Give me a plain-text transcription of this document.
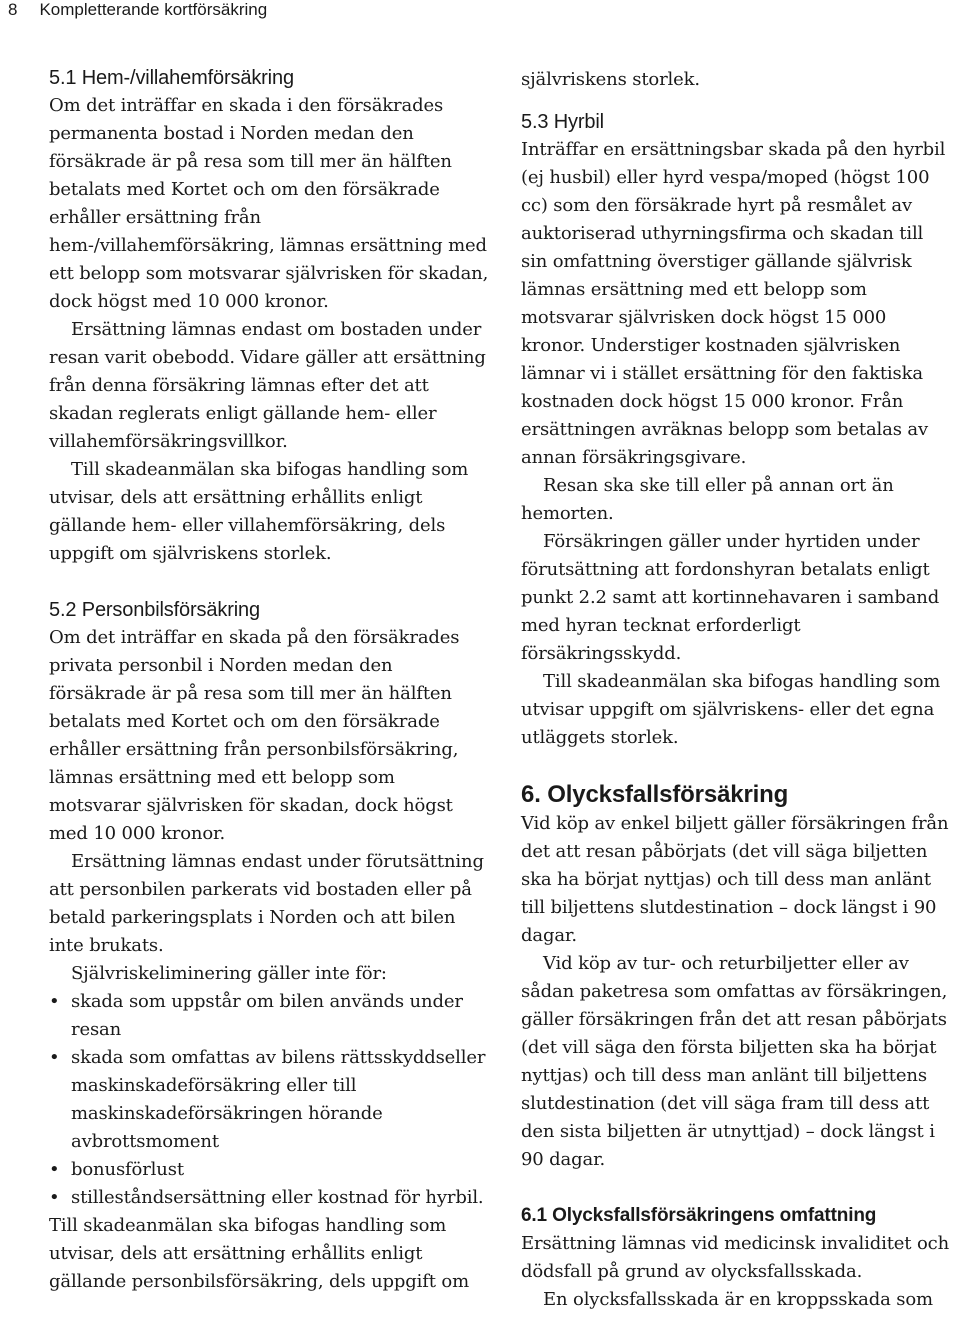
8 Kompletterande kortförsäkring
5.1 Hem-/villahemförsäkring

Om det inträffar en skada i den försäkrades permanenta bostad i Norden medan den försäkrade är på resa som till mer än hälften betalats med Kortet och om den försäkrade erhåller ersättning från hem-/villahemförsäkring, lämnas ersättning med ett belopp som motsvarar självrisken för skadan, dock högst med 10 000 kronor.

Ersättning lämnas endast om bostaden under resan varit obebodd. Vidare gäller att ersättning från denna försäkring lämnas efter det att skadan reglerats enligt gällande hem- eller villahemförsäkringsvillkor.

Till skadeanmälan ska bifogas handling som utvisar, dels att ersättning erhållits enligt gällande hem- eller villahemförsäkring, dels uppgift om självriskens storlek.

5.2 Personbilsförsäkring

Om det inträffar en skada på den försäkrades privata personbil i Norden medan den försäkrade är på resa som till mer än hälften betalats med Kortet och om den försäkrade erhåller ersättning från personbilsförsäkring, lämnas ersättning med ett belopp som motsvarar självrisken för skadan, dock högst med 10 000 kronor.

Ersättning lämnas endast under förutsättning att personbilen parkerats vid bostaden eller på betald parkeringsplats i Norden och att bilen inte brukats.

Självriskeliminering gäller inte för:

• skada som uppstår om bilen används under resan
• skada som omfattas av bilens rättsskyddseller maskinskadeförsäkring eller till maskinskadeförsäkringen hörande avbrottsmoment
• bonusförlust
• stilleståndsersättning eller kostnad för hyrbil.

Till skadeanmälan ska bifogas handling som utvisar, dels att ersättning erhållits enligt gällande personbilsförsäkring, dels uppgift om

självriskens storlek.

5.3 Hyrbil

Inträffar en ersättningsbar skada på den hyrbil (ej husbil) eller hyrd vespa/moped (högst 100 cc) som den försäkrade hyrt på resmålet av auktoriserad uthyrningsfirma och skadan till sin omfattning överstiger gällande självrisk lämnas ersättning med ett belopp som motsvarar självrisken dock högst 15 000 kronor. Understiger kostnaden självrisken lämnar vi i stället ersättning för den faktiska kostnaden dock högst 15 000 kronor. Från ersättningen avräknas belopp som betalas av annan försäkringsgivare.

Resan ska ske till eller på annan ort än hemorten.

Försäkringen gäller under hyrtiden under förutsättning att fordonshyran betalats enligt punkt 2.2 samt att kortinnehavaren i samband med hyran tecknat erforderligt försäkringsskydd.

Till skadeanmälan ska bifogas handling som utvisar uppgift om självriskens- eller det egna utläggets storlek.

6. Olycksfallsförsäkring

Vid köp av enkel biljett gäller försäkringen från det att resan påbörjats (det vill säga biljetten ska ha börjat nyttjas) och till dess man anlänt till biljettens slutdestination – dock längst i 90 dagar.

Vid köp av tur- och returbiljetter eller av sådan paketresa som omfattas av försäkringen, gäller försäkringen från det att resan påbörjats (det vill säga den första biljetten ska ha börjat nyttjas) och till dess man anlänt till biljettens slutdestination (det vill säga fram till dess att den sista biljetten är utnyttjad) – dock längst i 90 dagar.

6.1 Olycksfallsförsäkringens omfattning

Ersättning lämnas vid medicinsk invaliditet och dödsfall på grund av olycksfallsskada.

En olycksfallsskada är en kroppsskada som
